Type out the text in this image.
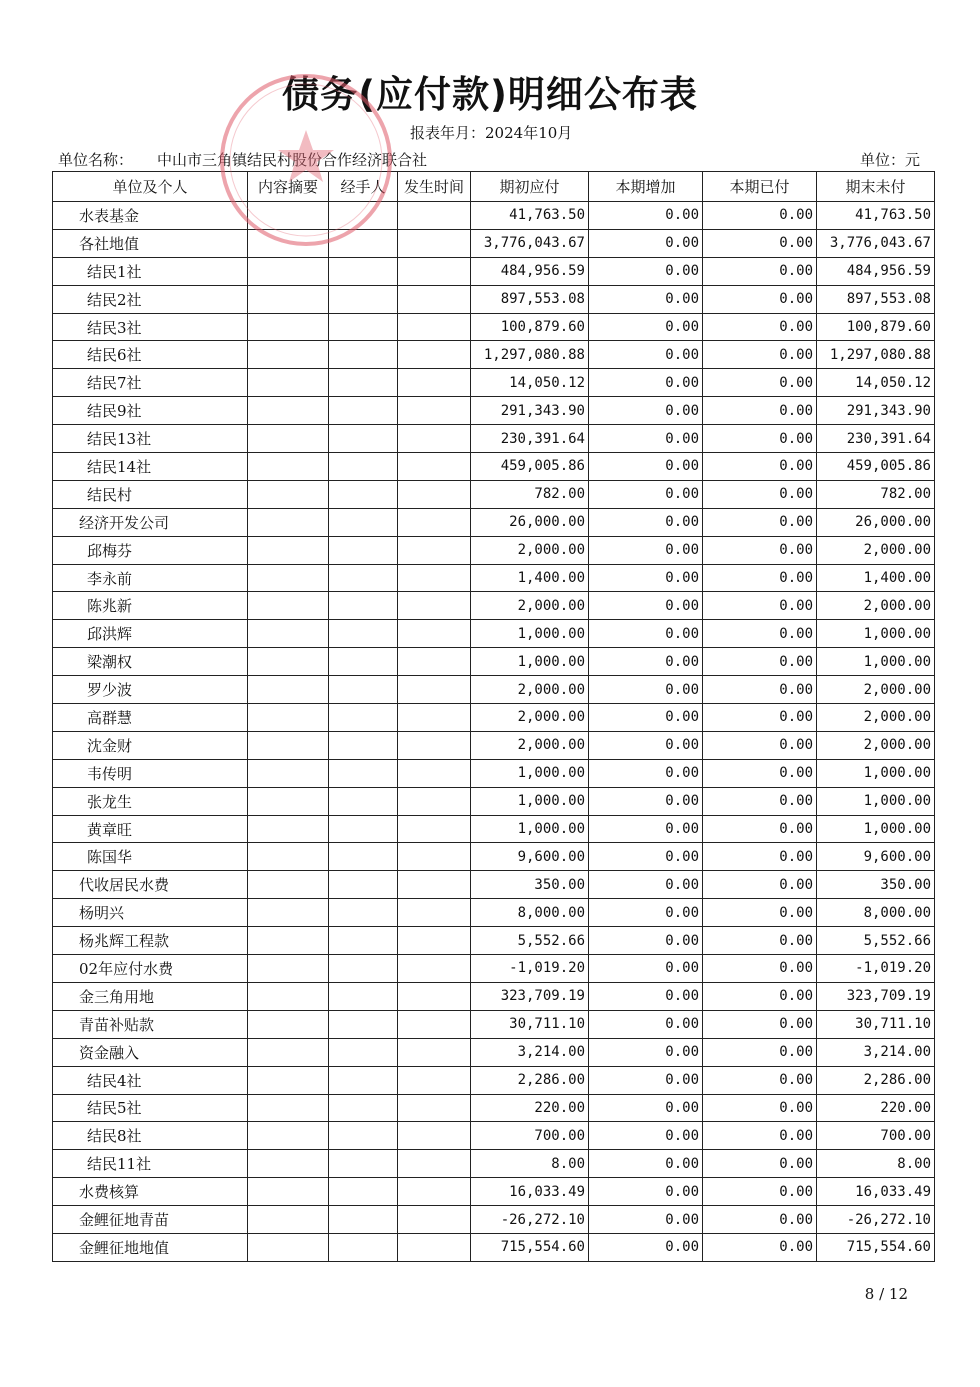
债务(应付款)明细公布表
报表年月：2024年10月
单位名称： 中山市三角镇结民村股份合作经济联合社	单位：元
单位及个人	内容摘要	经手人	发生时间	期初应付	本期增加	本期已付	期末未付
水表基金				41,763.50	0.00	0.00	41,763.50
各社地值				3,776,043.67	0.00	0.00	3,776,043.67
结民1社				484,956.59	0.00	0.00	484,956.59
结民2社				897,553.08	0.00	0.00	897,553.08
结民3社				100,879.60	0.00	0.00	100,879.60
结民6社				1,297,080.88	0.00	0.00	1,297,080.88
结民7社				14,050.12	0.00	0.00	14,050.12
结民9社				291,343.90	0.00	0.00	291,343.90
结民13社				230,391.64	0.00	0.00	230,391.64
结民14社				459,005.86	0.00	0.00	459,005.86
结民村				782.00	0.00	0.00	782.00
经济开发公司				26,000.00	0.00	0.00	26,000.00
邱梅芬				2,000.00	0.00	0.00	2,000.00
李永前				1,400.00	0.00	0.00	1,400.00
陈兆新				2,000.00	0.00	0.00	2,000.00
邱洪辉				1,000.00	0.00	0.00	1,000.00
梁潮权				1,000.00	0.00	0.00	1,000.00
罗少波				2,000.00	0.00	0.00	2,000.00
高群慧				2,000.00	0.00	0.00	2,000.00
沈金财				2,000.00	0.00	0.00	2,000.00
韦传明				1,000.00	0.00	0.00	1,000.00
张龙生				1,000.00	0.00	0.00	1,000.00
黄章旺				1,000.00	0.00	0.00	1,000.00
陈国华				9,600.00	0.00	0.00	9,600.00
代收居民水费				350.00	0.00	0.00	350.00
杨明兴				8,000.00	0.00	0.00	8,000.00
杨兆辉工程款				5,552.66	0.00	0.00	5,552.66
02年应付水费				-1,019.20	0.00	0.00	-1,019.20
金三角用地				323,709.19	0.00	0.00	323,709.19
青苗补贴款				30,711.10	0.00	0.00	30,711.10
资金融入				3,214.00	0.00	0.00	3,214.00
结民4社				2,286.00	0.00	0.00	2,286.00
结民5社				220.00	0.00	0.00	220.00
结民8社				700.00	0.00	0.00	700.00
结民11社				8.00	0.00	0.00	8.00
水费核算				16,033.49	0.00	0.00	16,033.49
金鲤征地青苗				-26,272.10	0.00	0.00	-26,272.10
金鲤征地地值				715,554.60	0.00	0.00	715,554.60
8 / 12
